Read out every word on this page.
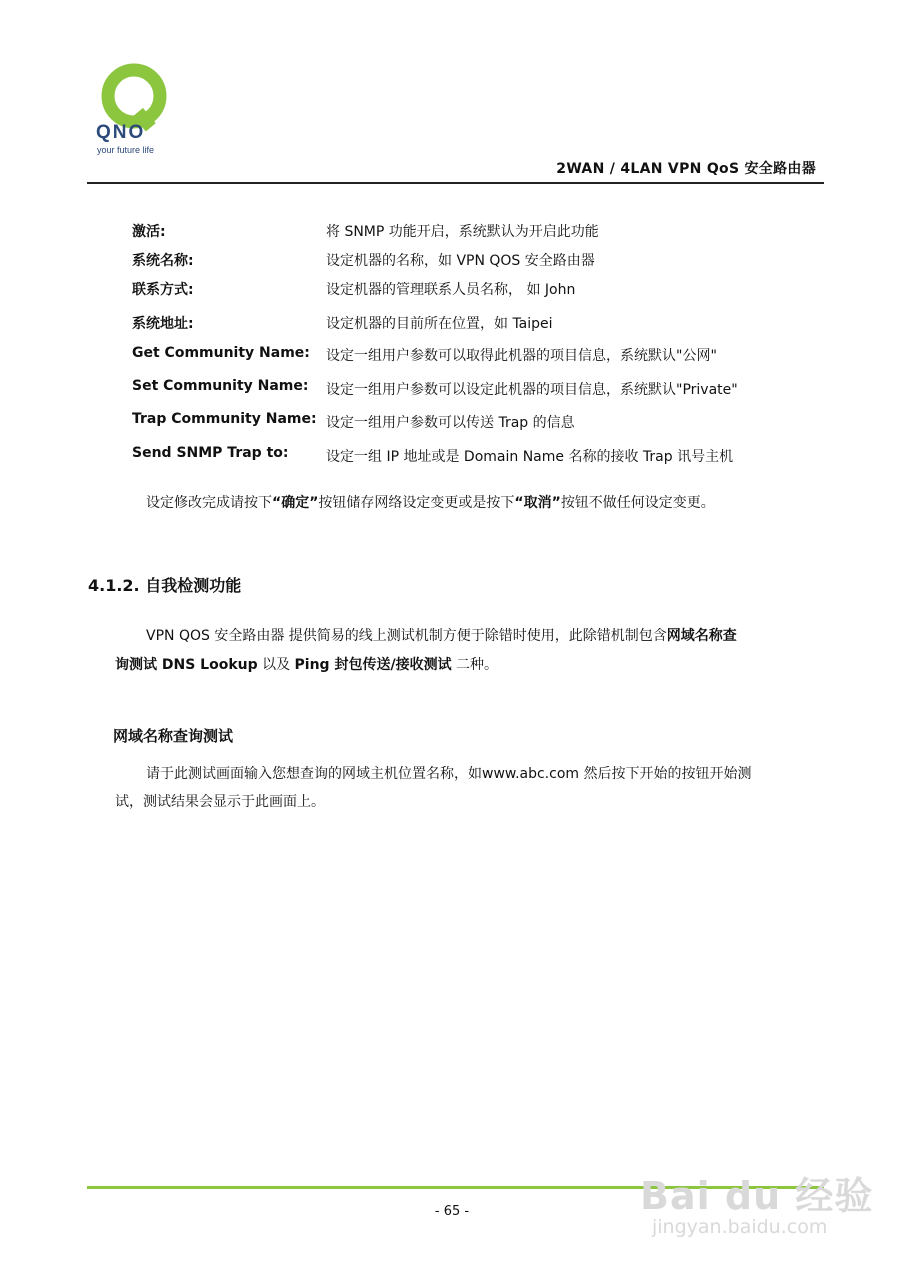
QNO
your future life
2WAN / 4LAN VPN QoS 安全路由器
激活:	将 SNMP 功能开启，系统默认为开启此功能
系统名称:	设定机器的名称，如 VPN QOS 安全路由器
联系方式:	设定机器的管理联系人员名称， 如 John
系统地址:	设定机器的目前所在位置，如 Taipei
Get Community Name: 设定一组用户参数可以取得此机器的项目信息，系统默认"公网"
Set Community Name: 设定一组用户参数可以设定此机器的项目信息，系统默认"Private"
Trap Community Name: 设定一组用户参数可以传送 Trap 的信息
Send SNMP Trap to:	设定一组 IP 地址或是 Domain Name 名称的接收 Trap 讯号主机
设定修改完成请按下“确定”按钮储存网络设定变更或是按下“取消”按钮不做任何设定变更。
4.1.2. 自我检测功能
VPN QOS 安全路由器 提供简易的线上测试机制方便于除错时使用，此除错机制包含网域名称查
询测试 DNS Lookup 以及 Ping 封包传送/接收测试 二种。
网域名称查询测试
请于此测试画面输入您想查询的网域主机位置名称，如www.abc.com 然后按下开始的按钮开始测
试，测试结果会显示于此画面上。
- 65 -	Bai du 经验
jingyan.baidu.com
